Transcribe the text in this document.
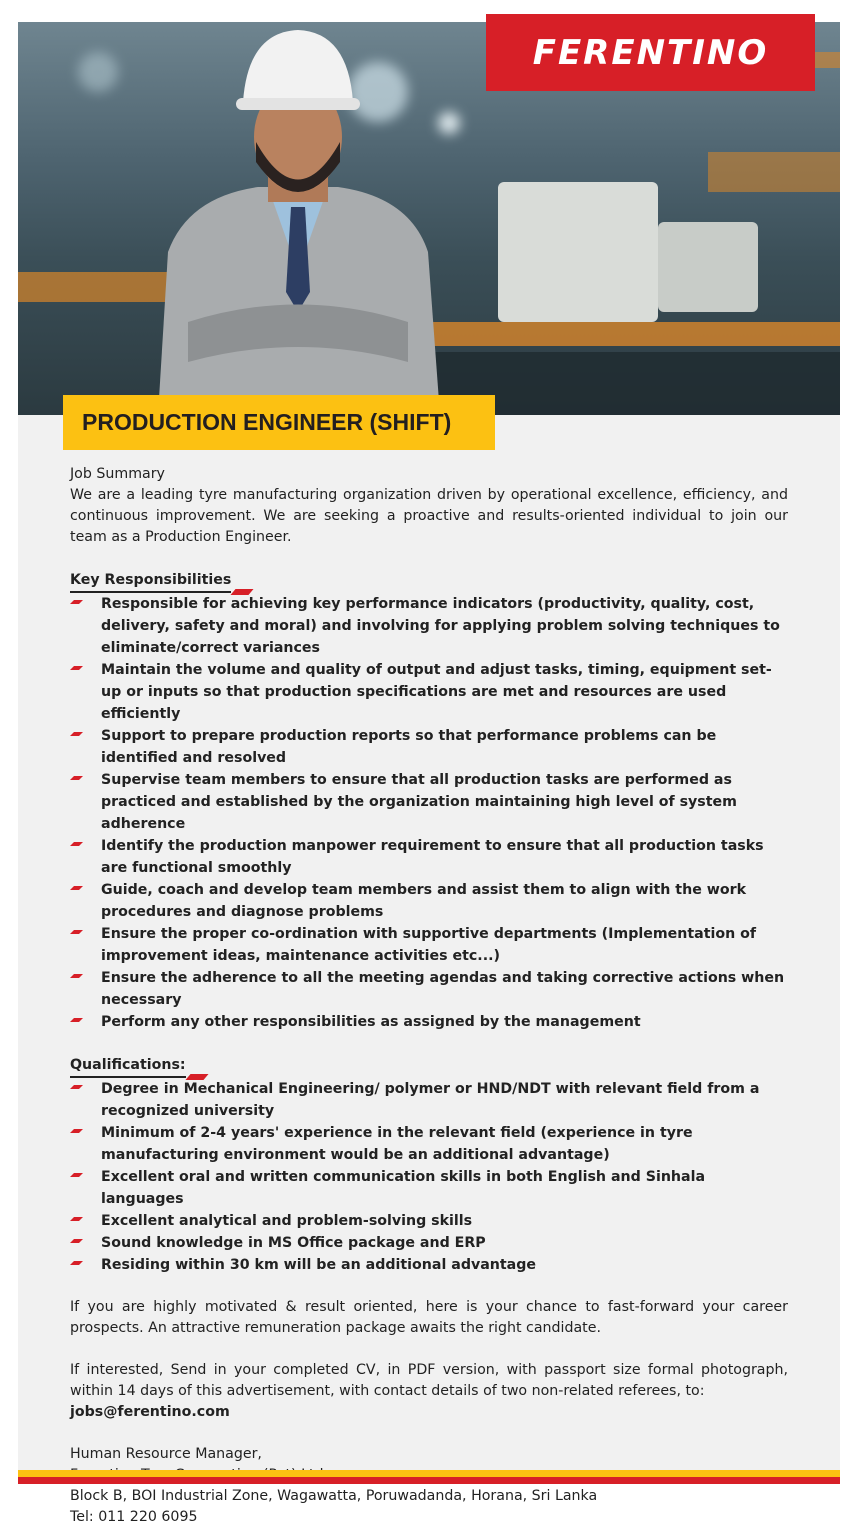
FERENTINO
PRODUCTION ENGINEER (SHIFT)

Job Summary

We are a leading tyre manufacturing organization driven by operational excellence, efficiency, and continuous improvement. We are seeking a proactive and results-oriented individual to join our team as a Production Engineer.

Key Responsibilities
Responsible for achieving key performance indicators (productivity, quality, cost, delivery, safety and moral) and involving for applying problem solving techniques to eliminate/correct variances
Maintain the volume and quality of output and adjust tasks, timing, equipment set-up or inputs so that production specifications are met and resources are used efficiently
Support to prepare production reports so that performance problems can be identified and resolved
Supervise team members to ensure that all production tasks are performed as practiced and established by the organization maintaining high level of system adherence
Identify the production manpower requirement to ensure that all production tasks are functional smoothly
Guide, coach and develop team members and assist them to align with the work procedures and diagnose problems
Ensure the proper co-ordination with supportive departments (Implementation of improvement ideas, maintenance activities etc...)
Ensure the adherence to all the meeting agendas and taking corrective actions when necessary
Perform any other responsibilities as assigned by the management
Qualifications:
Degree in Mechanical Engineering/ polymer or HND/NDT with relevant field from a recognized university
Minimum of 2-4 years' experience in the relevant field (experience in tyre manufacturing environment would be an additional advantage)
Excellent oral and written communication skills in both English and Sinhala languages
Excellent analytical and problem-solving skills
Sound knowledge in MS Office package and ERP
Residing within 30 km will be an additional advantage

If you are highly motivated & result oriented, here is your chance to fast-forward your career prospects. An attractive remuneration package awaits the right candidate.

If interested, Send in your completed CV, in PDF version, with passport size formal photograph, within 14 days of this advertisement, with contact details of two non-related referees, to:

jobs@ferentino.com

Human Resource Manager,

Block B, BOI Industrial Zone, Wagawatta, Poruwadanda, Horana, Sri Lanka

Tel: 011 220 6095
